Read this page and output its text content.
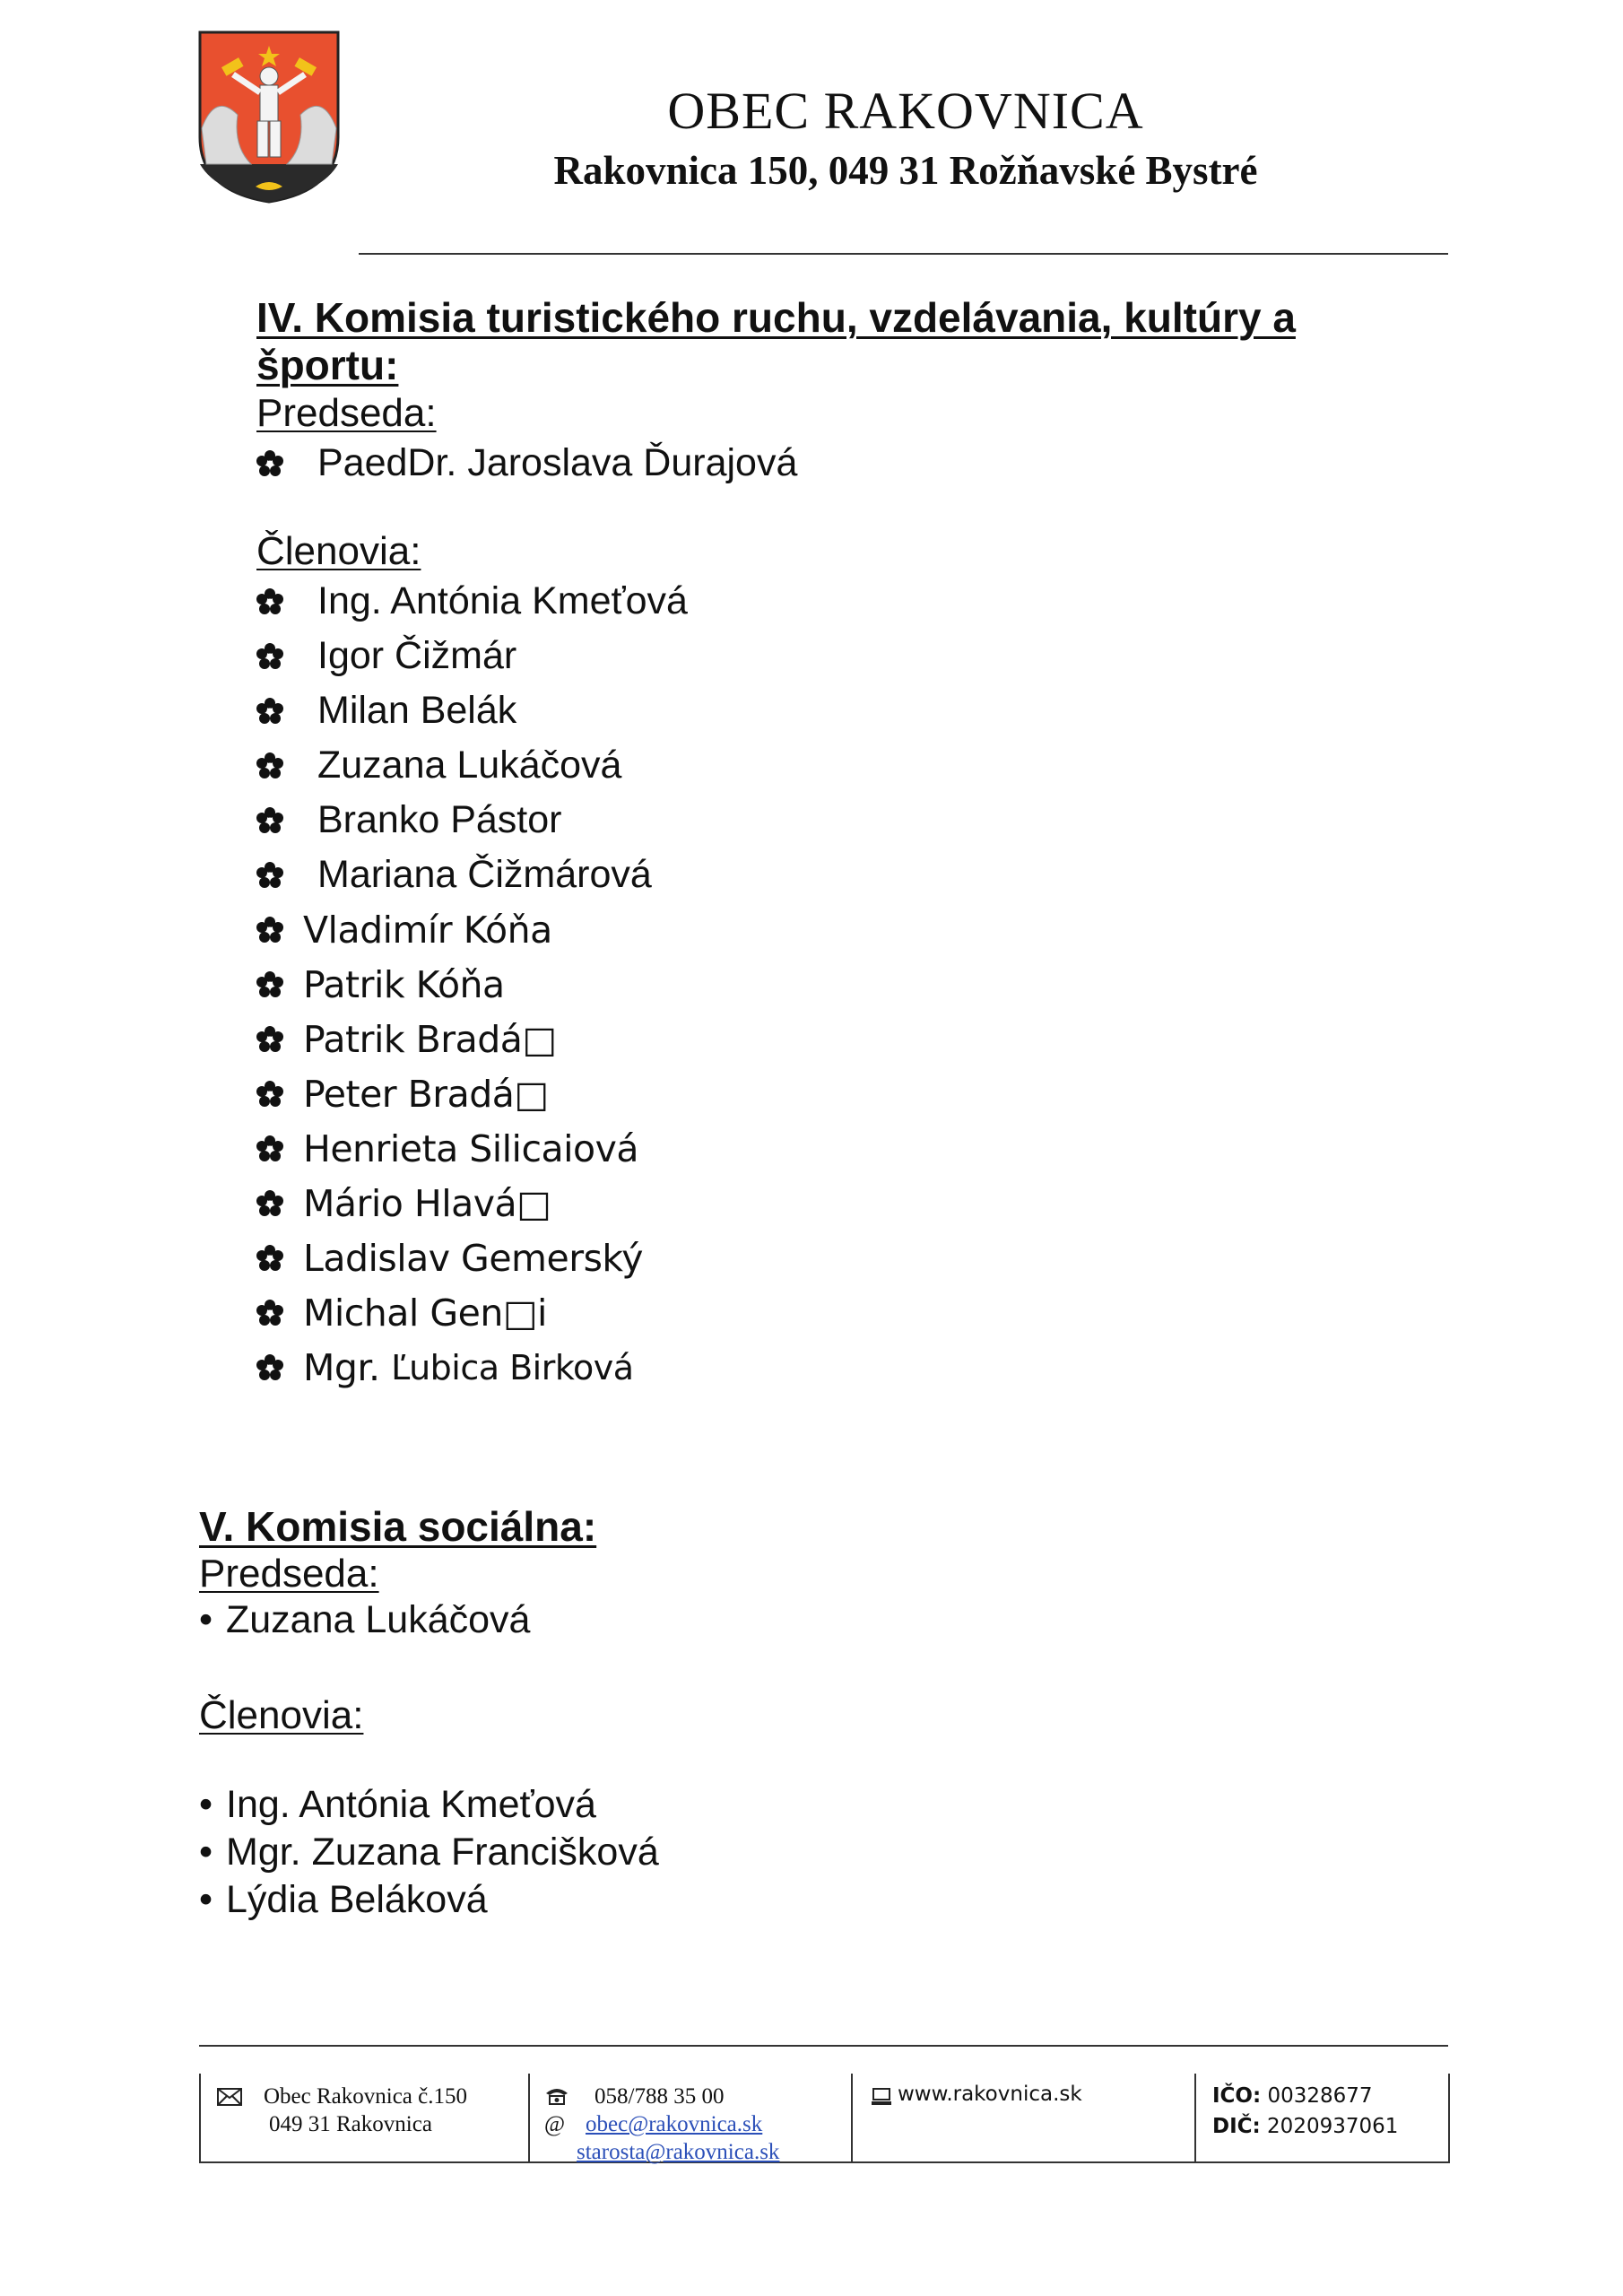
OBEC RAKOVNICA
Rakovnica 150, 049 31 Rožňavské Bystré
IV. Komisia turistického ruchu, vzdelávania, kultúry a športu:
Predseda:
PaedDr. Jaroslava Ďurajová
Členovia:
Ing. Antónia Kmeťová
Igor Čižmár
Milan Belák
Zuzana Lukáčová
Branko Pástor
Mariana Čižmárová
Vladimír Kóňa
Patrik Kóňa
Patrik Bradá□
Peter Bradá□
Henrieta Silicaiová
Mário Hlavá□
Ladislav Gemerský
Michal Gen□i
Mgr. Ľubica Birková
V. Komisia sociálna:
Predseda:
• Zuzana Lukáčová
Členovia:
• Ing. Antónia Kmeťová
• Mgr. Zuzana Francišková
• Lýdia Beláková
Obec Rakovnica č.150
049 31 Rakovnica
058/788 35 00
@ obec@rakovnica.sk
starosta@rakovnica.sk
www.rakovnica.sk	IČO: 00328677
DIČ: 2020937061
